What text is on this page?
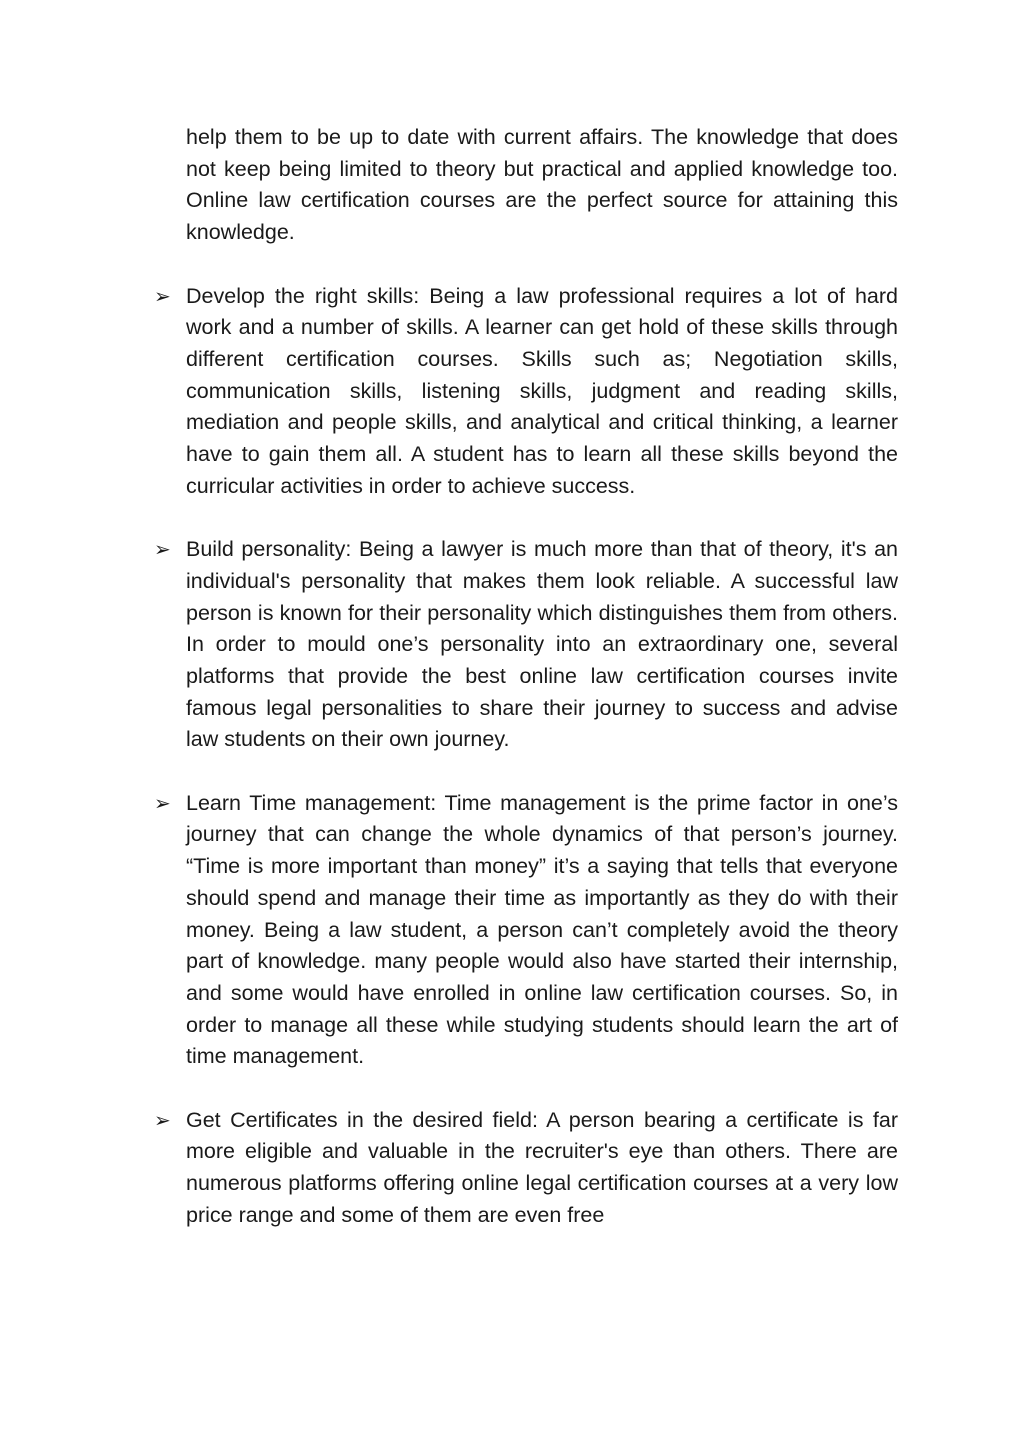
help them to be up to date with current affairs. The knowledge that does not keep being limited to theory but practical and applied knowledge too. Online law certification courses are the perfect source for attaining this knowledge.

➢ Develop the right skills: Being a law professional requires a lot of hard work and a number of skills. A learner can get hold of these skills through different certification courses. Skills such as; Negotiation skills, communication skills, listening skills, judgment and reading skills, mediation and people skills, and analytical and critical thinking, a learner have to gain them all. A student has to learn all these skills beyond the curricular activities in order to achieve success.

➢ Build personality: Being a lawyer is much more than that of theory, it's an individual's personality that makes them look reliable. A successful law person is known for their personality which distinguishes them from others. In order to mould one’s personality into an extraordinary one, several platforms that provide the best online law certification courses invite famous legal personalities to share their journey to success and advise law students on their own journey.

➢ Learn Time management: Time management is the prime factor in one’s journey that can change the whole dynamics of that person’s journey. “Time is more important than money” it’s a saying that tells that everyone should spend and manage their time as importantly as they do with their money. Being a law student, a person can’t completely avoid the theory part of knowledge. many people would also have started their internship, and some would have enrolled in online law certification courses. So, in order to manage all these while studying students should learn the art of time management.

➢ Get Certificates in the desired field: A person bearing a certificate is far more eligible and valuable in the recruiter's eye than others. There are numerous platforms offering online legal certification courses at a very low price range and some of them are even free
